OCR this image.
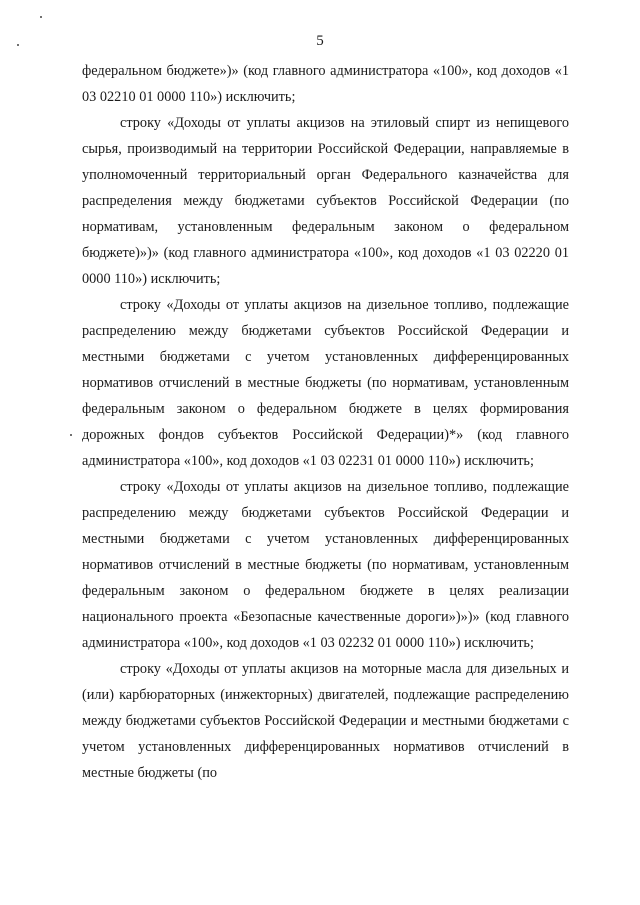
5

федеральном бюджете»)» (код главного администратора «100», код доходов «1 03 02210 01 0000 110») исключить;

строку «Доходы от уплаты акцизов на этиловый спирт из непищевого сырья, производимый на территории Российской Федерации, направляемые в уполномоченный территориальный орган Федерального казначейства для распределения между бюджетами субъектов Российской Федерации (по нормативам, установленным федеральным законом о федеральном бюджете)»)» (код главного администратора «100», код доходов «1 03 02220 01 0000 110») исключить;

строку «Доходы от уплаты акцизов на дизельное топливо, подлежащие распределению между бюджетами субъектов Российской Федерации и местными бюджетами с учетом установленных дифференцированных нормативов отчислений в местные бюджеты (по нормативам, установленным федеральным законом о федеральном бюджете в целях формирования дорожных фондов субъектов Российской Федерации)*» (код главного администратора «100», код доходов «1 03 02231 01 0000 110») исключить;

строку «Доходы от уплаты акцизов на дизельное топливо, подлежащие распределению между бюджетами субъектов Российской Федерации и местными бюджетами с учетом установленных дифференцированных нормативов отчислений в местные бюджеты (по нормативам, установленным федеральным законом о федеральном бюджете в целях реализации национального проекта «Безопасные качественные дороги»)»)» (код главного администратора «100», код доходов «1 03 02232 01 0000 110») исключить;

строку «Доходы от уплаты акцизов на моторные масла для дизельных и (или) карбюраторных (инжекторных) двигателей, подлежащие распределению между бюджетами субъектов Российской Федерации и местными бюджетами с учетом установленных дифференцированных нормативов отчислений в местные бюджеты (по
